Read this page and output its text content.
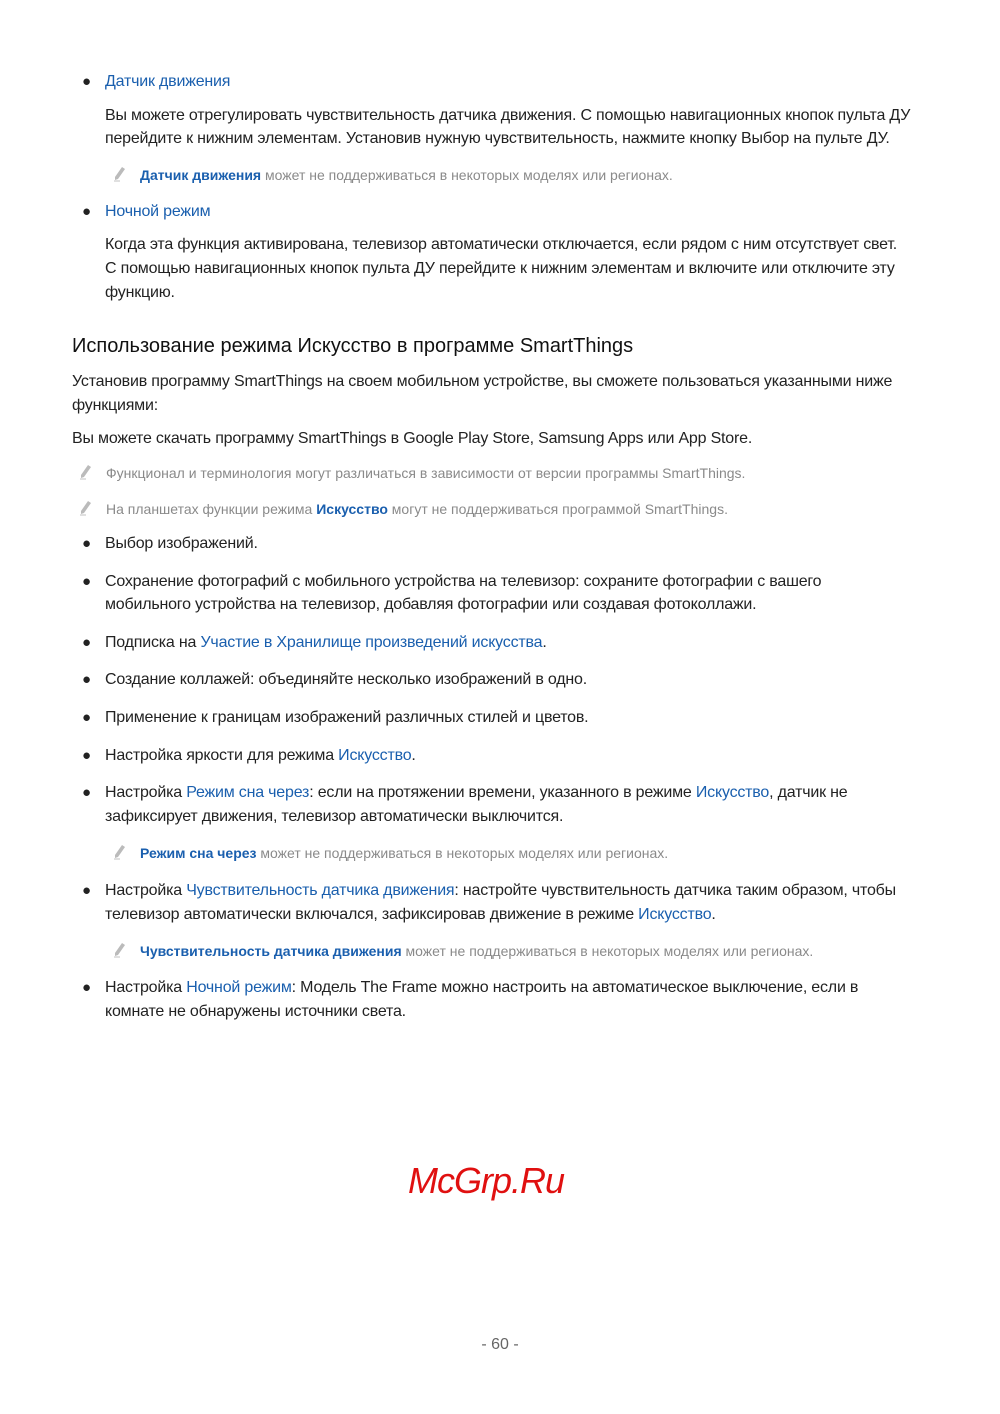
● Датчик движения
Вы можете отрегулировать чувствительность датчика движения. С помощью навигационных кнопок пульта ДУ перейдите к нижним элементам. Установив нужную чувствительность, нажмите кнопку Выбор на пульте ДУ.
Датчик движения может не поддерживаться в некоторых моделях или регионах.
● Ночной режим
Когда эта функция активирована, телевизор автоматически отключается, если рядом с ним отсутствует свет. С помощью навигационных кнопок пульта ДУ перейдите к нижним элементам и включите или отключите эту функцию.
Использование режима Искусство в программе SmartThings
Установив программу SmartThings на своем мобильном устройстве, вы сможете пользоваться указанными ниже функциями:
Вы можете скачать программу SmartThings в Google Play Store, Samsung Apps или App Store.
Функционал и терминология могут различаться в зависимости от версии программы SmartThings.
На планшетах функции режима Искусство могут не поддерживаться программой SmartThings.
● Выбор изображений.
● Сохранение фотографий с мобильного устройства на телевизор: сохраните фотографии с вашего мобильного устройства на телевизор, добавляя фотографии или создавая фотоколлажи.
● Подписка на Участие в Хранилище произведений искусства.
● Создание коллажей: объединяйте несколько изображений в одно.
● Применение к границам изображений различных стилей и цветов.
● Настройка яркости для режима Искусство.
● Настройка Режим сна через: если на протяжении времени, указанного в режиме Искусство, датчик не зафиксирует движения, телевизор автоматически выключится.
Режим сна через может не поддерживаться в некоторых моделях или регионах.
● Настройка Чувствительность датчика движения: настройте чувствительность датчика таким образом, чтобы телевизор автоматически включался, зафиксировав движение в режиме Искусство.
Чувствительность датчика движения может не поддерживаться в некоторых моделях или регионах.
● Настройка Ночной режим: Модель The Frame можно настроить на автоматическое выключение, если в комнате не обнаружены источники света.
McGrp.Ru
- 60 -
